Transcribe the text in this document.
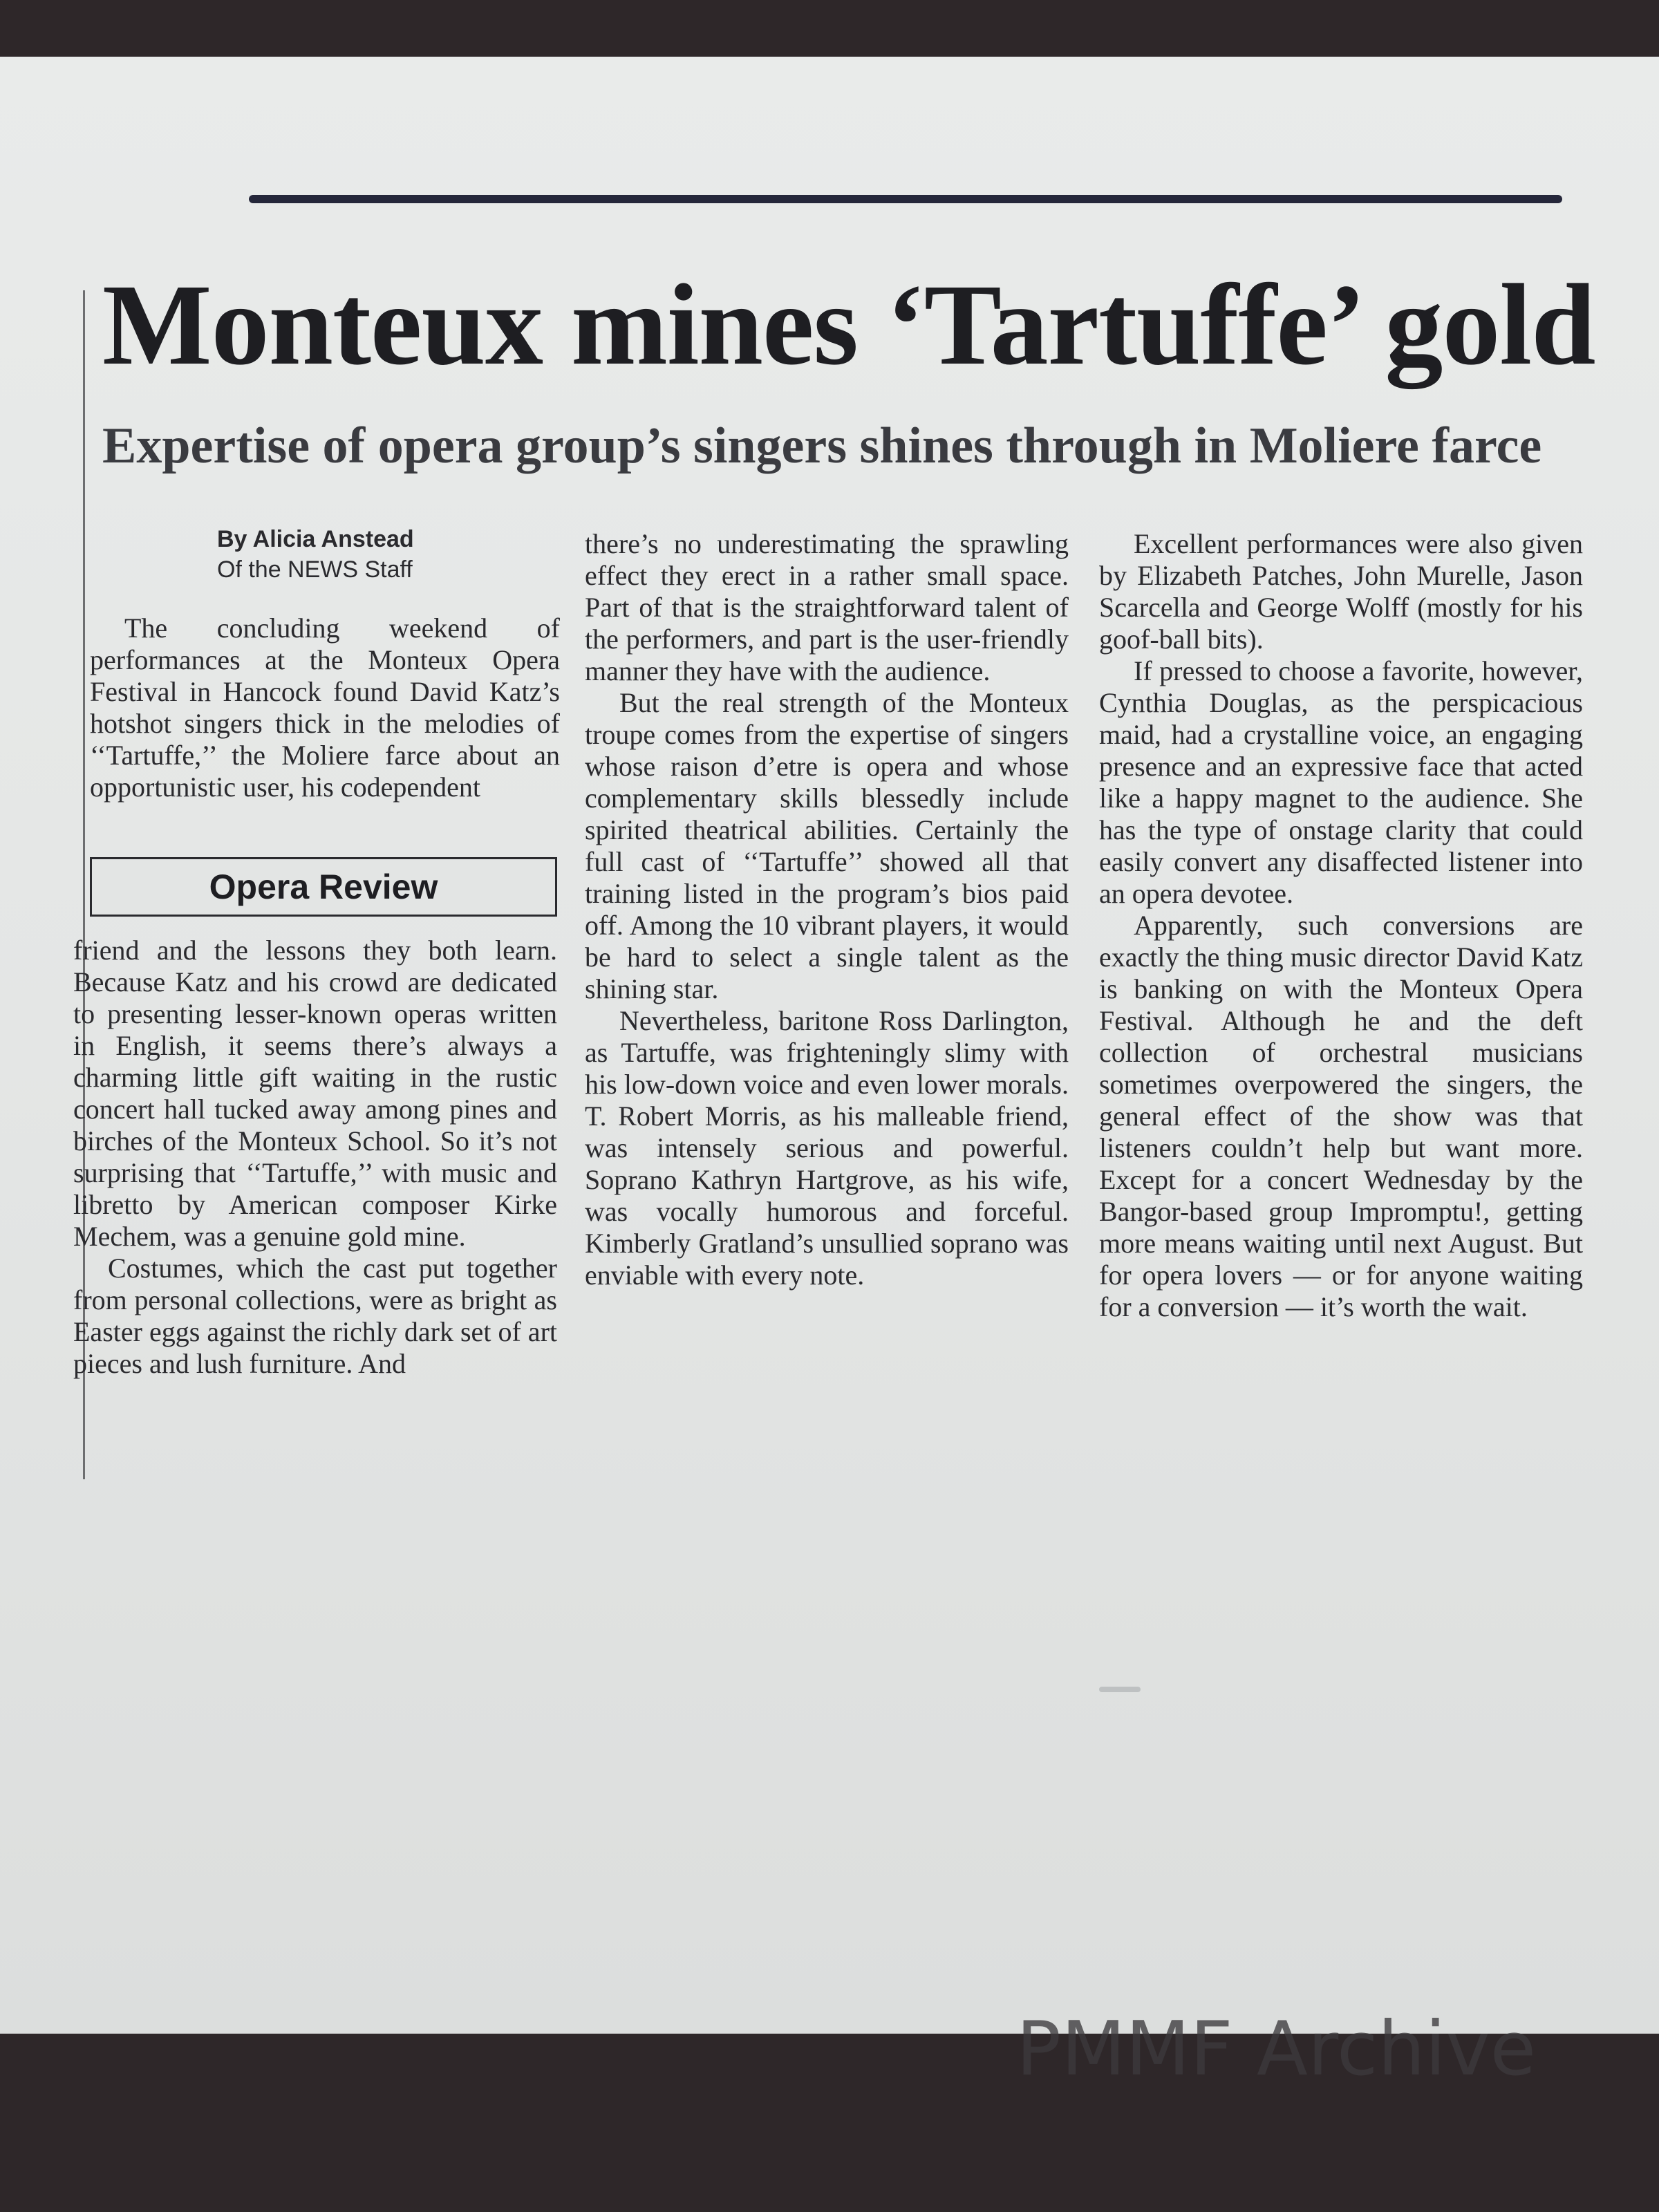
Monteux mines ‘Tartuffe’ gold
Expertise of opera group’s singers shines through in Moliere farce
By Alicia Anstead
Of the NEWS Staff

The concluding weekend of performances at the Monteux Opera Festival in Hancock found David Katz’s hotshot singers thick in the melodies of ‘‘Tartuffe,’’ the Moliere farce about an opportunistic user, his codependent

Opera Review

friend and the lessons they both learn. Because Katz and his crowd are dedicated to presenting lesser-known operas written in English, it seems there’s always a charming little gift waiting in the rustic concert hall tucked away among pines and birches of the Monteux School. So it’s not surprising that ‘‘Tartuffe,’’ with music and libretto by American composer Kirke Mechem, was a genuine gold mine.

Costumes, which the cast put together from personal collections, were as bright as Easter eggs against the richly dark set of art pieces and lush furniture. And

there’s no underestimating the sprawling effect they erect in a rather small space. Part of that is the straightforward talent of the performers, and part is the user-friendly manner they have with the audience.

But the real strength of the Monteux troupe comes from the expertise of singers whose raison d’etre is opera and whose complementary skills blessedly include spirited theatrical abilities. Certainly the full cast of ‘‘Tartuffe’’ showed all that training listed in the program’s bios paid off. Among the 10 vibrant players, it would be hard to select a single talent as the shining star.

Nevertheless, baritone Ross Darlington, as Tartuffe, was frighteningly slimy with his low-down voice and even lower morals. T. Robert Morris, as his malleable friend, was intensely serious and powerful. Soprano Kathryn Hartgrove, as his wife, was vocally humorous and forceful. Kimberly Gratland’s unsullied soprano was enviable with every note.

Excellent performances were also given by Elizabeth Patches, John Murelle, Jason Scarcella and George Wolff (mostly for his goof-ball bits).

If pressed to choose a favorite, however, Cynthia Douglas, as the perspicacious maid, had a crystalline voice, an engaging presence and an expressive face that acted like a happy magnet to the audience. She has the type of onstage clarity that could easily convert any disaffected listener into an opera devotee.

Apparently, such conversions are exactly the thing music director David Katz is banking on with the Monteux Opera Festival. Although he and the deft collection of orchestral musicians sometimes overpowered the singers, the general effect of the show was that listeners couldn’t help but want more. Except for a concert Wednesday by the Bangor-based group Impromptu!, getting more means waiting until next August. But for opera lovers — or for anyone waiting for a conversion — it’s worth the wait.

PMMF Archive
